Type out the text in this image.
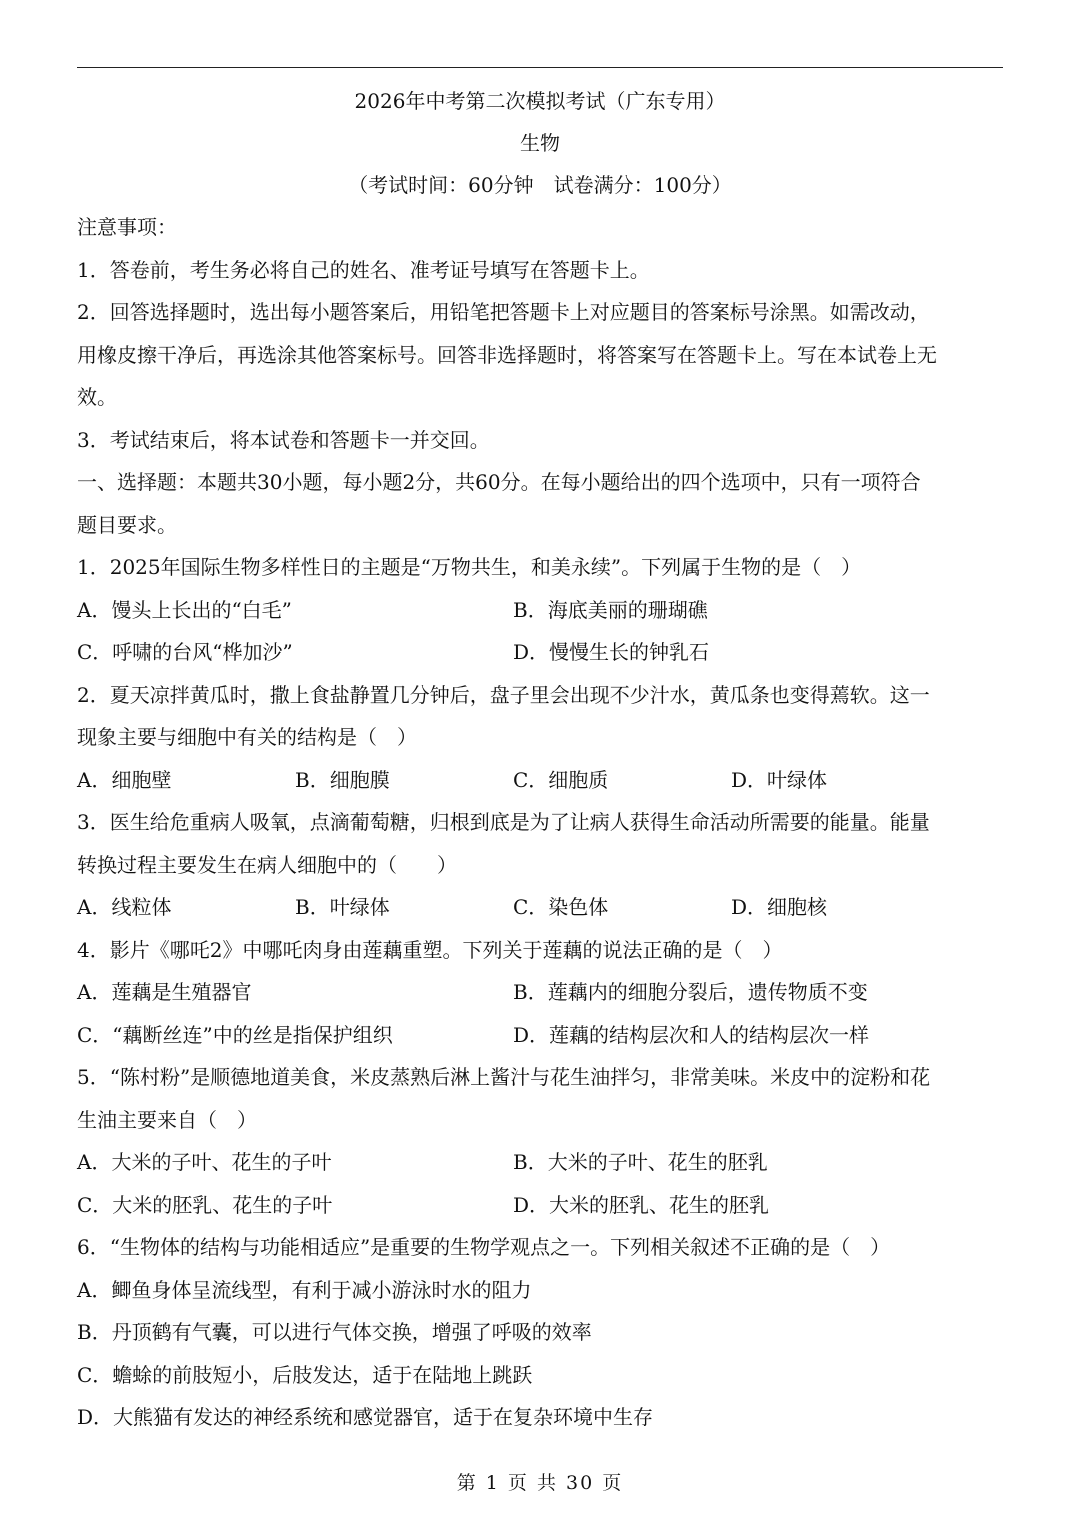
2026年中考第二次模拟考试（广东专用）
生物
（考试时间：60分钟　试卷满分：100分）
注意事项：
1．答卷前，考生务必将自己的姓名、准考证号填写在答题卡上。
2．回答选择题时，选出每小题答案后，用铅笔把答题卡上对应题目的答案标号涂黑。如需改动，
用橡皮擦干净后，再选涂其他答案标号。回答非选择题时，将答案写在答题卡上。写在本试卷上无
效。
3．考试结束后，将本试卷和答题卡一并交回。
一、选择题：本题共30小题，每小题2分，共60分。在每小题给出的四个选项中，只有一项符合
题目要求。
1．2025年国际生物多样性日的主题是“万物共生，和美永续”。下列属于生物的是（　）
A．馒头上长出的“白毛”	B．海底美丽的珊瑚礁
C．呼啸的台风“桦加沙”	D．慢慢生长的钟乳石
2．夏天凉拌黄瓜时，撒上食盐静置几分钟后，盘子里会出现不少汁水，黄瓜条也变得蔫软。这一
现象主要与细胞中有关的结构是（　）
A．细胞壁	B．细胞膜	C．细胞质	D．叶绿体
3．医生给危重病人吸氧，点滴葡萄糖，归根到底是为了让病人获得生命活动所需要的能量。能量
转换过程主要发生在病人细胞中的（　　）
A．线粒体	B．叶绿体	C．染色体	D．细胞核
4．影片《哪吒2》中哪吒肉身由莲藕重塑。下列关于莲藕的说法正确的是（　）
A．莲藕是生殖器官	B．莲藕内的细胞分裂后，遗传物质不变
C．“藕断丝连”中的丝是指保护组织	D．莲藕的结构层次和人的结构层次一样
5．“陈村粉”是顺德地道美食，米皮蒸熟后淋上酱汁与花生油拌匀，非常美味。米皮中的淀粉和花
生油主要来自（　）
A．大米的子叶、花生的子叶	B．大米的子叶、花生的胚乳
C．大米的胚乳、花生的子叶	D．大米的胚乳、花生的胚乳
6．“生物体的结构与功能相适应”是重要的生物学观点之一。下列相关叙述不正确的是（　）
A．鲫鱼身体呈流线型，有利于减小游泳时水的阻力
B．丹顶鹤有气囊，可以进行气体交换，增强了呼吸的效率
C．蟾蜍的前肢短小，后肢发达，适于在陆地上跳跃
D．大熊猫有发达的神经系统和感觉器官，适于在复杂环境中生存
第 1 页 共 30 页
